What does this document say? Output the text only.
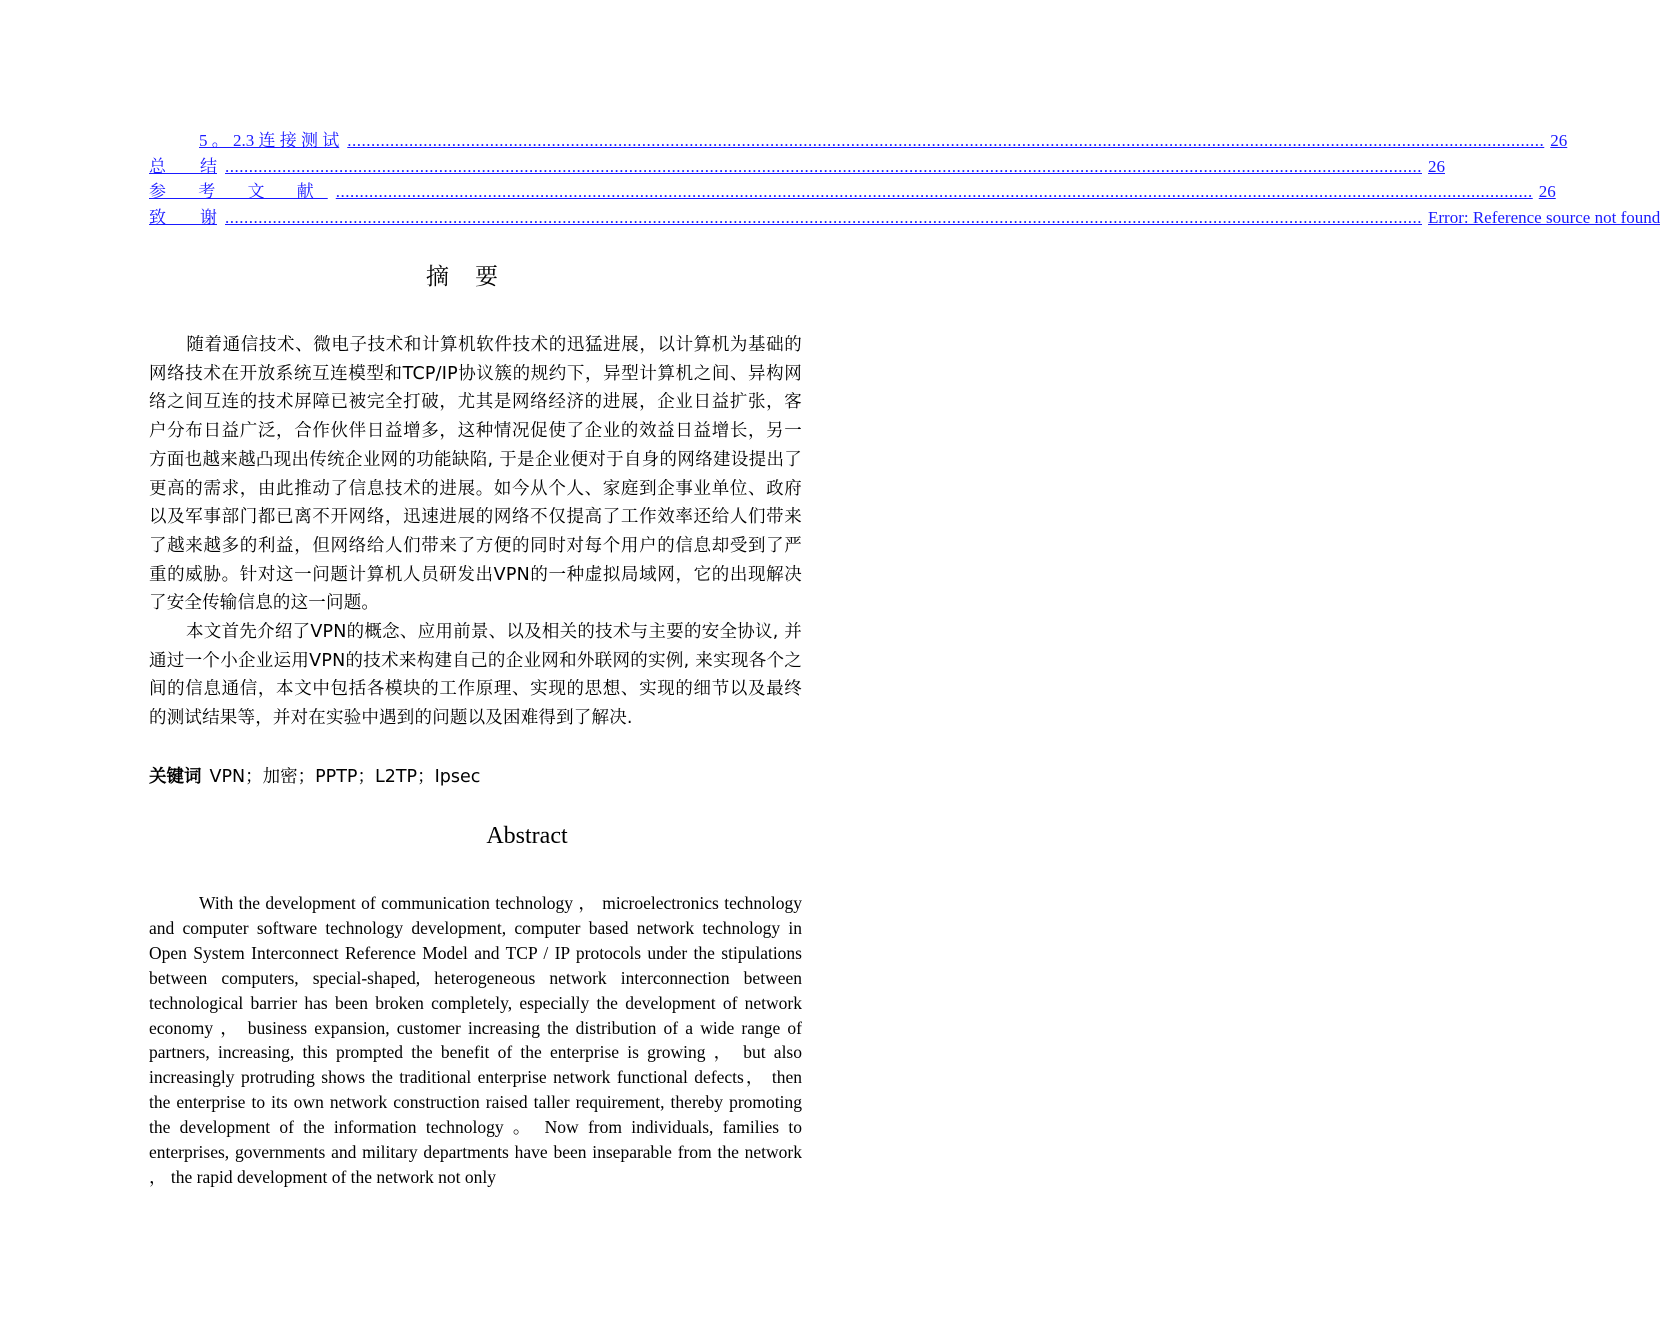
5 。 2.3 连 接 测 试 ............................................................................................................................................................................................................................................................ 26
总　　结 ............................................................................................................................................................................................................................................................ 26
参 考 文 献 ............................................................................................................................................................................................................................................................ 26
致　　谢 ............................................................................................................................................................................................................................................................ Error: Reference source not found
摘要
随着通信技术、微电子技术和计算机软件技术的迅猛进展，以计算机为基础的网络技术在开放系统互连模型和TCP/IP协议簇的规约下，异型计算机之间、异构网络之间互连的技术屏障已被完全打破，尤其是网络经济的进展，企业日益扩张，客户分布日益广泛，合作伙伴日益增多，这种情况促使了企业的效益日益增长，另一方面也越来越凸现出传统企业网的功能缺陷, 于是企业便对于自身的网络建设提出了更高的需求，由此推动了信息技术的进展。如今从个人、家庭到企事业单位、政府以及军事部门都已离不开网络，迅速进展的网络不仅提高了工作效率还给人们带来了越来越多的利益，但网络给人们带来了方便的同时对每个用户的信息却受到了严重的威胁。针对这一问题计算机人员研发出VPN的一种虚拟局域网，它的出现解决了安全传输信息的这一问题。
本文首先介绍了VPN的概念、应用前景、以及相关的技术与主要的安全协议, 并通过一个小企业运用VPN的技术来构建自己的企业网和外联网的实例, 来实现各个之间的信息通信，本文中包括各模块的工作原理、实现的思想、实现的细节以及最终的测试结果等，并对在实验中遇到的问题以及困难得到了解决.
关键词 VPN；加密；PPTP；L2TP；Ipsec
Abstract
With the development of communication technology ， microelectronics technology and computer software technology development, computer based network technology in Open System Interconnect Reference Model and TCP / IP protocols under the stipulations between computers, special-shaped, heterogeneous network interconnection between technological barrier has been broken completely, especially the development of network economy ， business expansion, customer increasing the distribution of a wide range of partners, increasing, this prompted the benefit of the enterprise is growing ， but also increasingly protruding shows the traditional enterprise network functional defects， then the enterprise to its own network construction raised taller requirement, thereby promoting the development of the information technology 。 Now from individuals, families to enterprises, governments and military departments have been inseparable from the network ， the rapid development of the network not only
